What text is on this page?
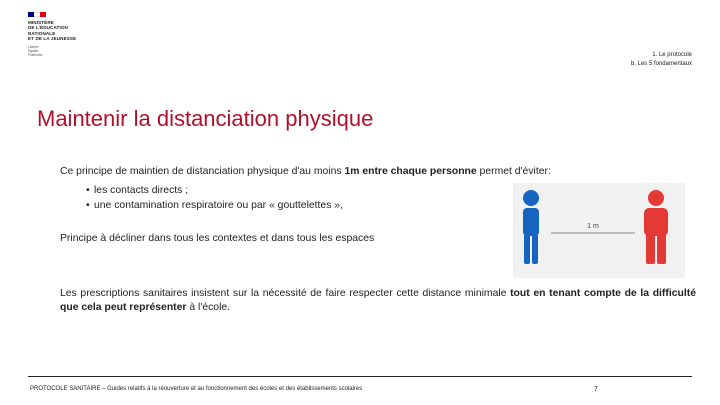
MINISTÈRE
DE L'ÉDUCATION
NATIONALE
ET DE LA JEUNESSE
Liberté
Égalité
Fraternité	1. Le protocole
b. Les 5 fondamentaux
Maintenir la distanciation physique
Ce principe de maintien de distanciation physique d'au moins 1m entre chaque personne permet d'éviter:
• les contacts directs ;
• une contamination respiratoire ou par « gouttelettes »,
Principe à décliner dans tous les contextes et dans tous les espaces
Les prescriptions sanitaires insistent sur la nécessité de faire respecter cette distance minimale tout en tenant compte de la difficulté que cela peut représenter à l'école.
1 m
PROTOCOLE SANITAIRE – Guides relatifs à la réouverture et au fonctionnement des écoles et des établissements scolaires	7
